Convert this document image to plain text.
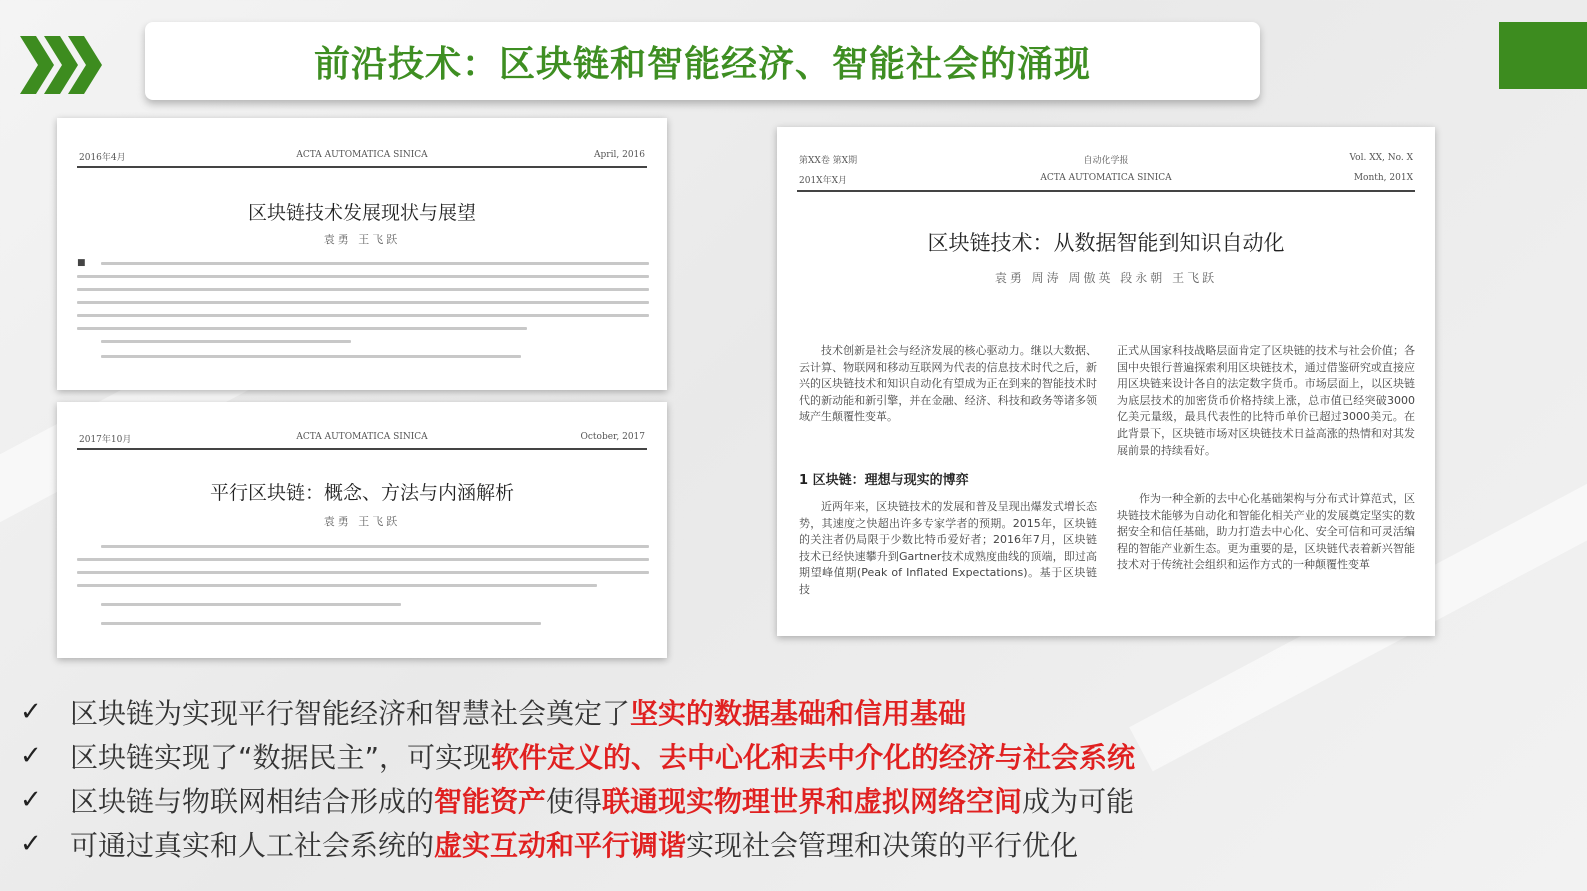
前沿技术：区块链和智能经济、智能社会的涌现
2016年4月	ACTA AUTOMATICA SINICA	April, 2016
区块链技术发展现状与展望
袁勇 王飞跃
■
2017年10月	ACTA AUTOMATICA SINICA	October, 2017
平行区块链：概念、方法与内涵解析
袁勇 王飞跃
第XX卷 第X期	自动化学报	Vol. XX, No. X
201X年X月	ACTA AUTOMATICA SINICA	Month, 201X
区块链技术：从数据智能到知识自动化
袁勇 周涛 周傲英 段永朝 王飞跃
技术创新是社会与经济发展的核心驱动力。继以大数据、云计算、物联网和移动互联网为代表的信息技术时代之后，新兴的区块链技术和知识自动化有望成为正在到来的智能技术时代的新动能和新引擎，并在金融、经济、科技和政务等诸多领域产生颠覆性变革。
1 区块链：理想与现实的博弈
近两年来，区块链技术的发展和普及呈现出爆发式增长态势，其速度之快超出许多专家学者的预期。2015年，区块链的关注者仍局限于少数比特币爱好者；2016年7月，区块链技术已经快速攀升到Gartner技术成熟度曲线的顶端，即过高期望峰值期(Peak of Inflated Expectations)。基于区块链技
正式从国家科技战略层面肯定了区块链的技术与社会价值；各国中央银行普遍探索利用区块链技术，通过借鉴研究或直接应用区块链来设计各自的法定数字货币。市场层面上，以区块链为底层技术的加密货币价格持续上涨，总市值已经突破3000亿美元量级，最具代表性的比特币单价已超过3000美元。在此背景下，区块链市场对区块链技术日益高涨的热情和对其发展前景的持续看好。
作为一种全新的去中心化基础架构与分布式计算范式，区块链技术能够为自动化和智能化相关产业的发展奠定坚实的数据安全和信任基础，助力打造去中心化、安全可信和可灵活编程的智能产业新生态。更为重要的是，区块链代表着新兴智能技术对于传统社会组织和运作方式的一种颠覆性变革
✓	区块链为实现平行智能经济和智慧社会奠定了 坚实的数据基础和信用基础
✓	区块链实现了“数据民主”，可实现 软件定义的、去中心化和去中介化的经济与社会系统
✓	区块链与物联网相结合形成的 智能资产 使得 联通现实物理世界和虚拟网络空间 成为可能
✓	可通过真实和人工社会系统的 虚实互动和平行调谐 实现社会管理和决策的平行优化
